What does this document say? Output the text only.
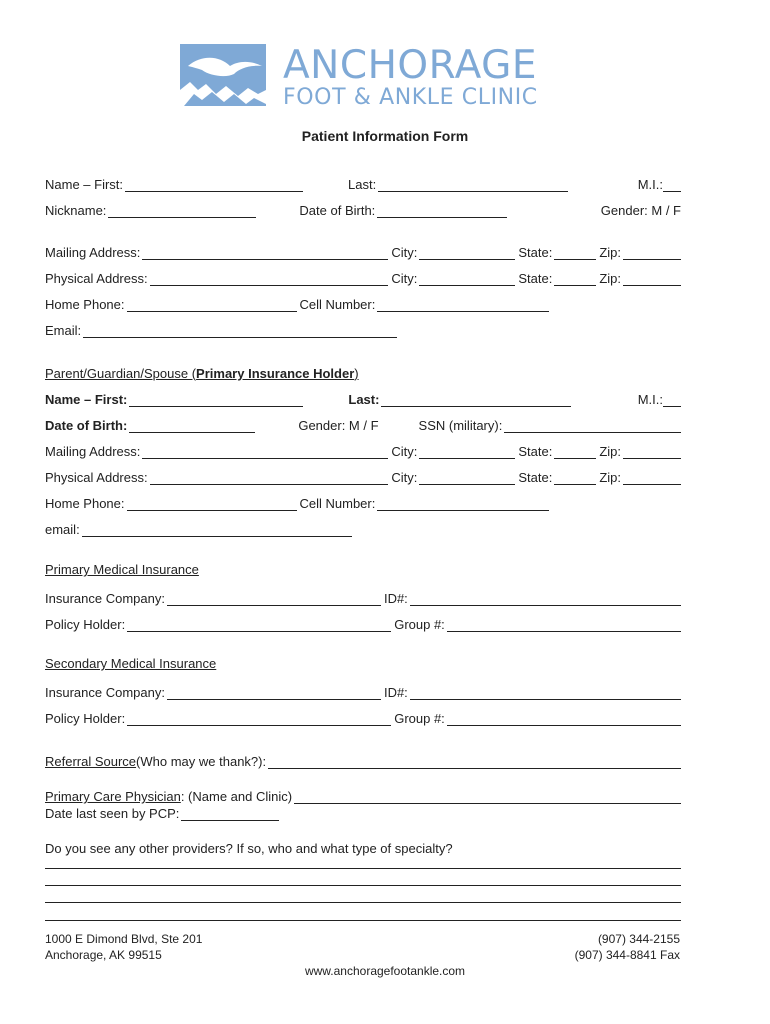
ANCHORAGE
FOOT & ANKLE CLINIC
Patient Information Form
Name – First:	Last:	M.I.:
Nickname:	Date of Birth:	Gender: M / F
Mailing Address:	City:	State:	Zip:
Physical Address:	City:	State:	Zip:
Home Phone:	Cell Number:
Email:
Parent/Guardian/Spouse ( Primary Insurance Holder )
Name – First:	Last:	M.I.:
Date of Birth:	Gender: M / F	SSN (military):
Mailing Address:	City:	State:	Zip:
Physical Address:	City:	State:	Zip:
Home Phone:	Cell Number:
email:
Primary Medical Insurance
Insurance Company:	ID#:
Policy Holder:	Group #:
Secondary Medical Insurance
Insurance Company:	ID#:
Policy Holder:	Group #:
Referral Source (Who may we thank?):
Primary Care Physician : (Name and Clinic)
Date last seen by PCP:
Do you see any other providers? If so, who and what type of specialty?
1000 E Dimond Blvd, Ste 201
Anchorage, AK 99515
(907) 344-2155
(907) 344-8841 Fax
www.anchoragefootankle.com
